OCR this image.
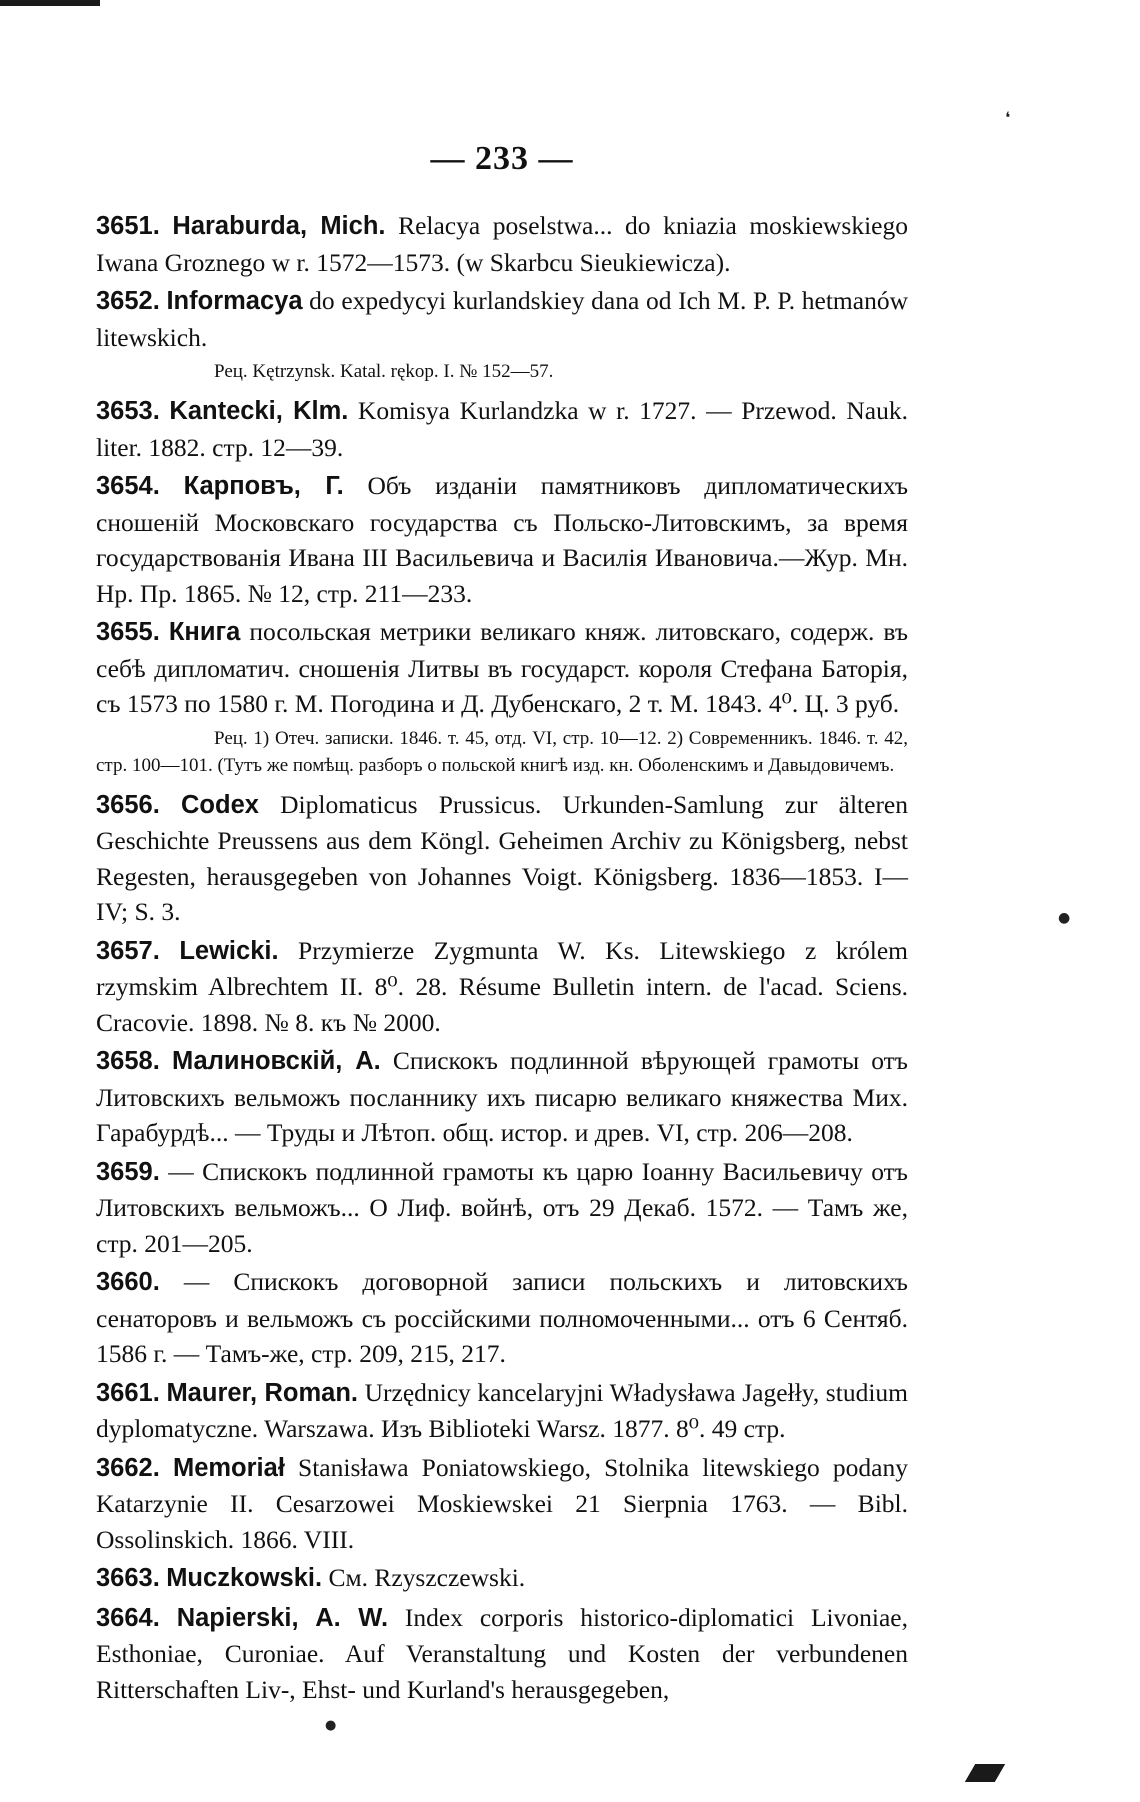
❛
●
●
— 233 —

3651. Haraburda, Mich. Relacya poselstwa... do kniazia moskiewskiego Iwana Groznego w r. 1572—1573. (w Skarbcu Sieukiewicza).

3652. Informacya do expedycyi kurlandskiey dana od Ich M. P. P. hetmanów litewskich.

Рец. Kętrzynsk. Katal. rękop. I. № 152—57.

3653. Kantecki, Klm. Komisya Kurlandzka w r. 1727. — Przewod. Nauk. liter. 1882. стр. 12—39.

3654. Карповъ, Г. Объ изданіи памятниковъ дипломатическихъ сношеній Московскаго государства съ Польско-Литовскимъ, за время государствованія Ивана III Васильевича и Василія Ивановича.—Жур. Мн. Нр. Пр. 1865. № 12, стр. 211—233.

3655. Книга посольская метрики великаго княж. литовскаго, содерж. въ себѣ дипломатич. сношенія Литвы въ государст. короля Стефана Баторія, съ 1573 по 1580 г. М. Погодина и Д. Дубенскаго, 2 т. М. 1843. 4⁰. Ц. 3 руб.

Рец. 1) Отеч. записки. 1846. т. 45, отд. VI, стр. 10—12. 2) Современникъ. 1846. т. 42, стр. 100—101. (Тутъ же помѣщ. разборъ о польской книгѣ изд. кн. Оболенскимъ и Давыдовичемъ.

3656. Codex Diplomaticus Prussicus. Urkunden-Samlung zur älteren Geschichte Preussens aus dem Köngl. Geheimen Archiv zu Königsberg, nebst Regesten, herausgegeben von Johannes Voigt. Königsberg. 1836—1853. I—IV; S. 3.

3657. Lewicki. Przymierze Zygmunta W. Ks. Litewskiego z królem rzymskim Albrechtem II. 8⁰. 28. Résume Bulletin intern. de l'acad. Sciens. Cracovie. 1898. № 8. къ № 2000.

3658. Малиновскій, А. Спискокъ подлинной вѣрующей грамоты отъ Литовскихъ вельможъ посланнику ихъ писарю великаго княжества Мих. Гарабурдѣ... — Труды и Лѣтоп. общ. истор. и древ. VI, стр. 206—208.

3659. — Спискокъ подлинной грамоты къ царю Іоанну Васильевичу отъ Литовскихъ вельможъ... О Лиф. войнѣ, отъ 29 Декаб. 1572. — Тамъ же, стр. 201—205.

3660. — Спискокъ договорной записи польскихъ и литовскихъ сенаторовъ и вельможъ съ россійскими полномоченными... отъ 6 Сентяб. 1586 г. — Тамъ-же, стр. 209, 215, 217.

3661. Maurer, Roman. Urzędnicy kancelaryjni Władysława Jagełły, studium dyplomatyczne. Warszawa. Изъ Biblioteki Warsz. 1877. 8⁰. 49 стр.

3662. Memoriał Stanisława Poniatowskiego, Stolnika litewskiego podany Katarzynie II. Cesarzowei Moskiewskei 21 Sierpnia 1763. — Bibl. Ossolinskich. 1866. VIII.

3663. Muczkowski. См. Rzyszczewski.

3664. Napierski, A. W. Index corporis historico-diplomatici Livoniae, Esthoniae, Curoniae. Auf Veranstaltung und Kosten der verbundenen Ritterschaften Liv-, Ehst- und Kurland's herausgegeben,
